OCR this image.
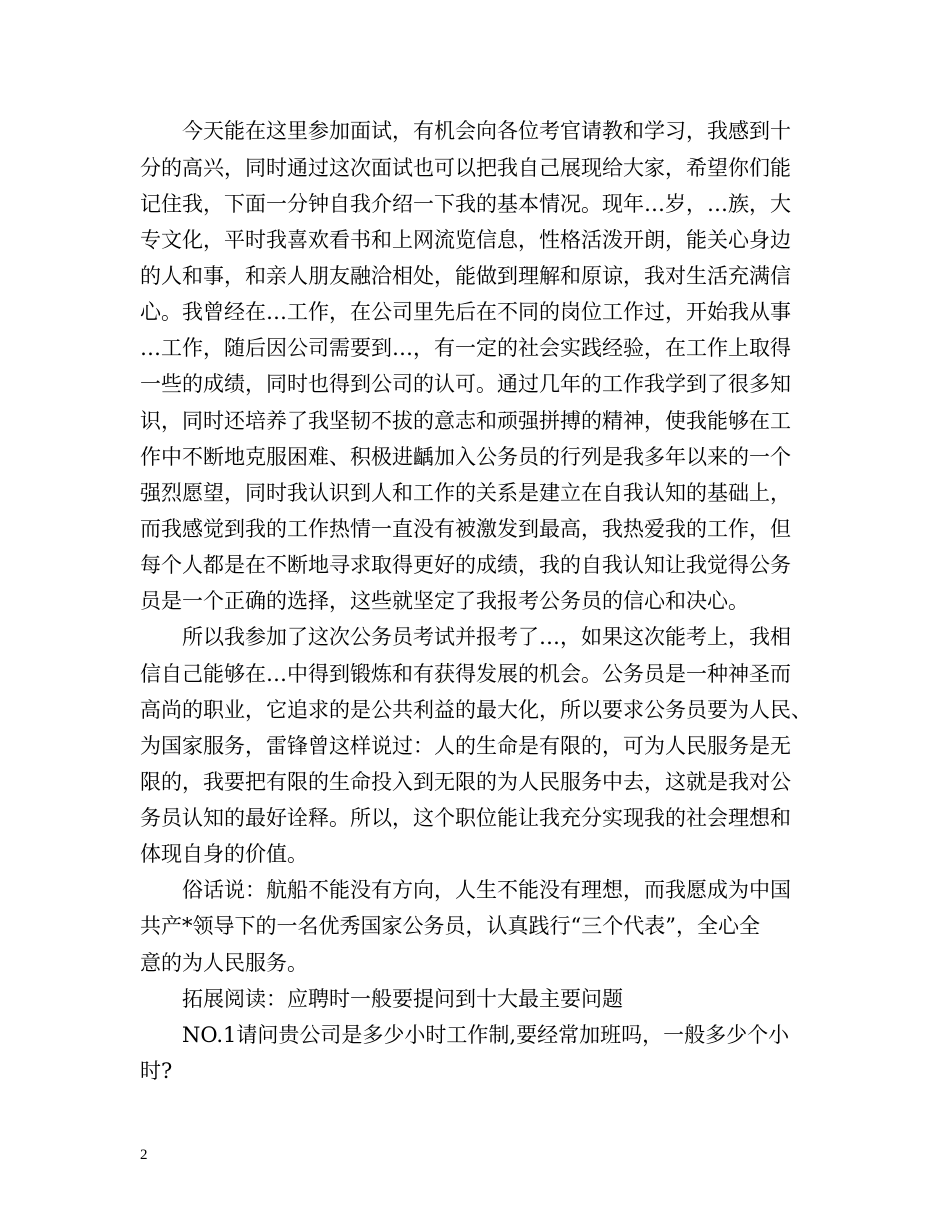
今天能在这里参加面试，有机会向各位考官请教和学习，我感到十
分的高兴，同时通过这次面试也可以把我自己展现给大家，希望你们能
记住我，下面一分钟自我介绍一下我的基本情况。现年…岁，…族，大
专文化，平时我喜欢看书和上网流览信息，性格活泼开朗，能关心身边
的人和事，和亲人朋友融洽相处，能做到理解和原谅，我对生活充满信
心。我曾经在…工作，在公司里先后在不同的岗位工作过，开始我从事
…工作，随后因公司需要到…，有一定的社会实践经验，在工作上取得
一些的成绩，同时也得到公司的认可。通过几年的工作我学到了很多知
识，同时还培养了我坚韧不拔的意志和顽强拼搏的精神，使我能够在工
作中不断地克服困难、积极进齲加入公务员的行列是我多年以来的一个
强烈愿望，同时我认识到人和工作的关系是建立在自我认知的基础上，
而我感觉到我的工作热情一直没有被激发到最高，我热爱我的工作，但
每个人都是在不断地寻求取得更好的成绩，我的自我认知让我觉得公务
员是一个正确的选择，这些就坚定了我报考公务员的信心和决心。
所以我参加了这次公务员考试并报考了…，如果这次能考上，我相
信自己能够在…中得到锻炼和有获得发展的机会。公务员是一种神圣而
高尚的职业，它追求的是公共利益的最大化，所以要求公务员要为人民、
为国家服务，雷锋曾这样说过：人的生命是有限的，可为人民服务是无
限的，我要把有限的生命投入到无限的为人民服务中去，这就是我对公
务员认知的最好诠释。所以，这个职位能让我充分实现我的社会理想和
体现自身的价值。
俗话说：航船不能没有方向，人生不能没有理想，而我愿成为中国
共产*领导下的一名优秀国家公务员，认真践行“三个代表”，全心全
意的为人民服务。
拓展阅读：应聘时一般要提问到十大最主要问题
NO.1请问贵公司是多少小时工作制,要经常加班吗，一般多少个小
时?
2
